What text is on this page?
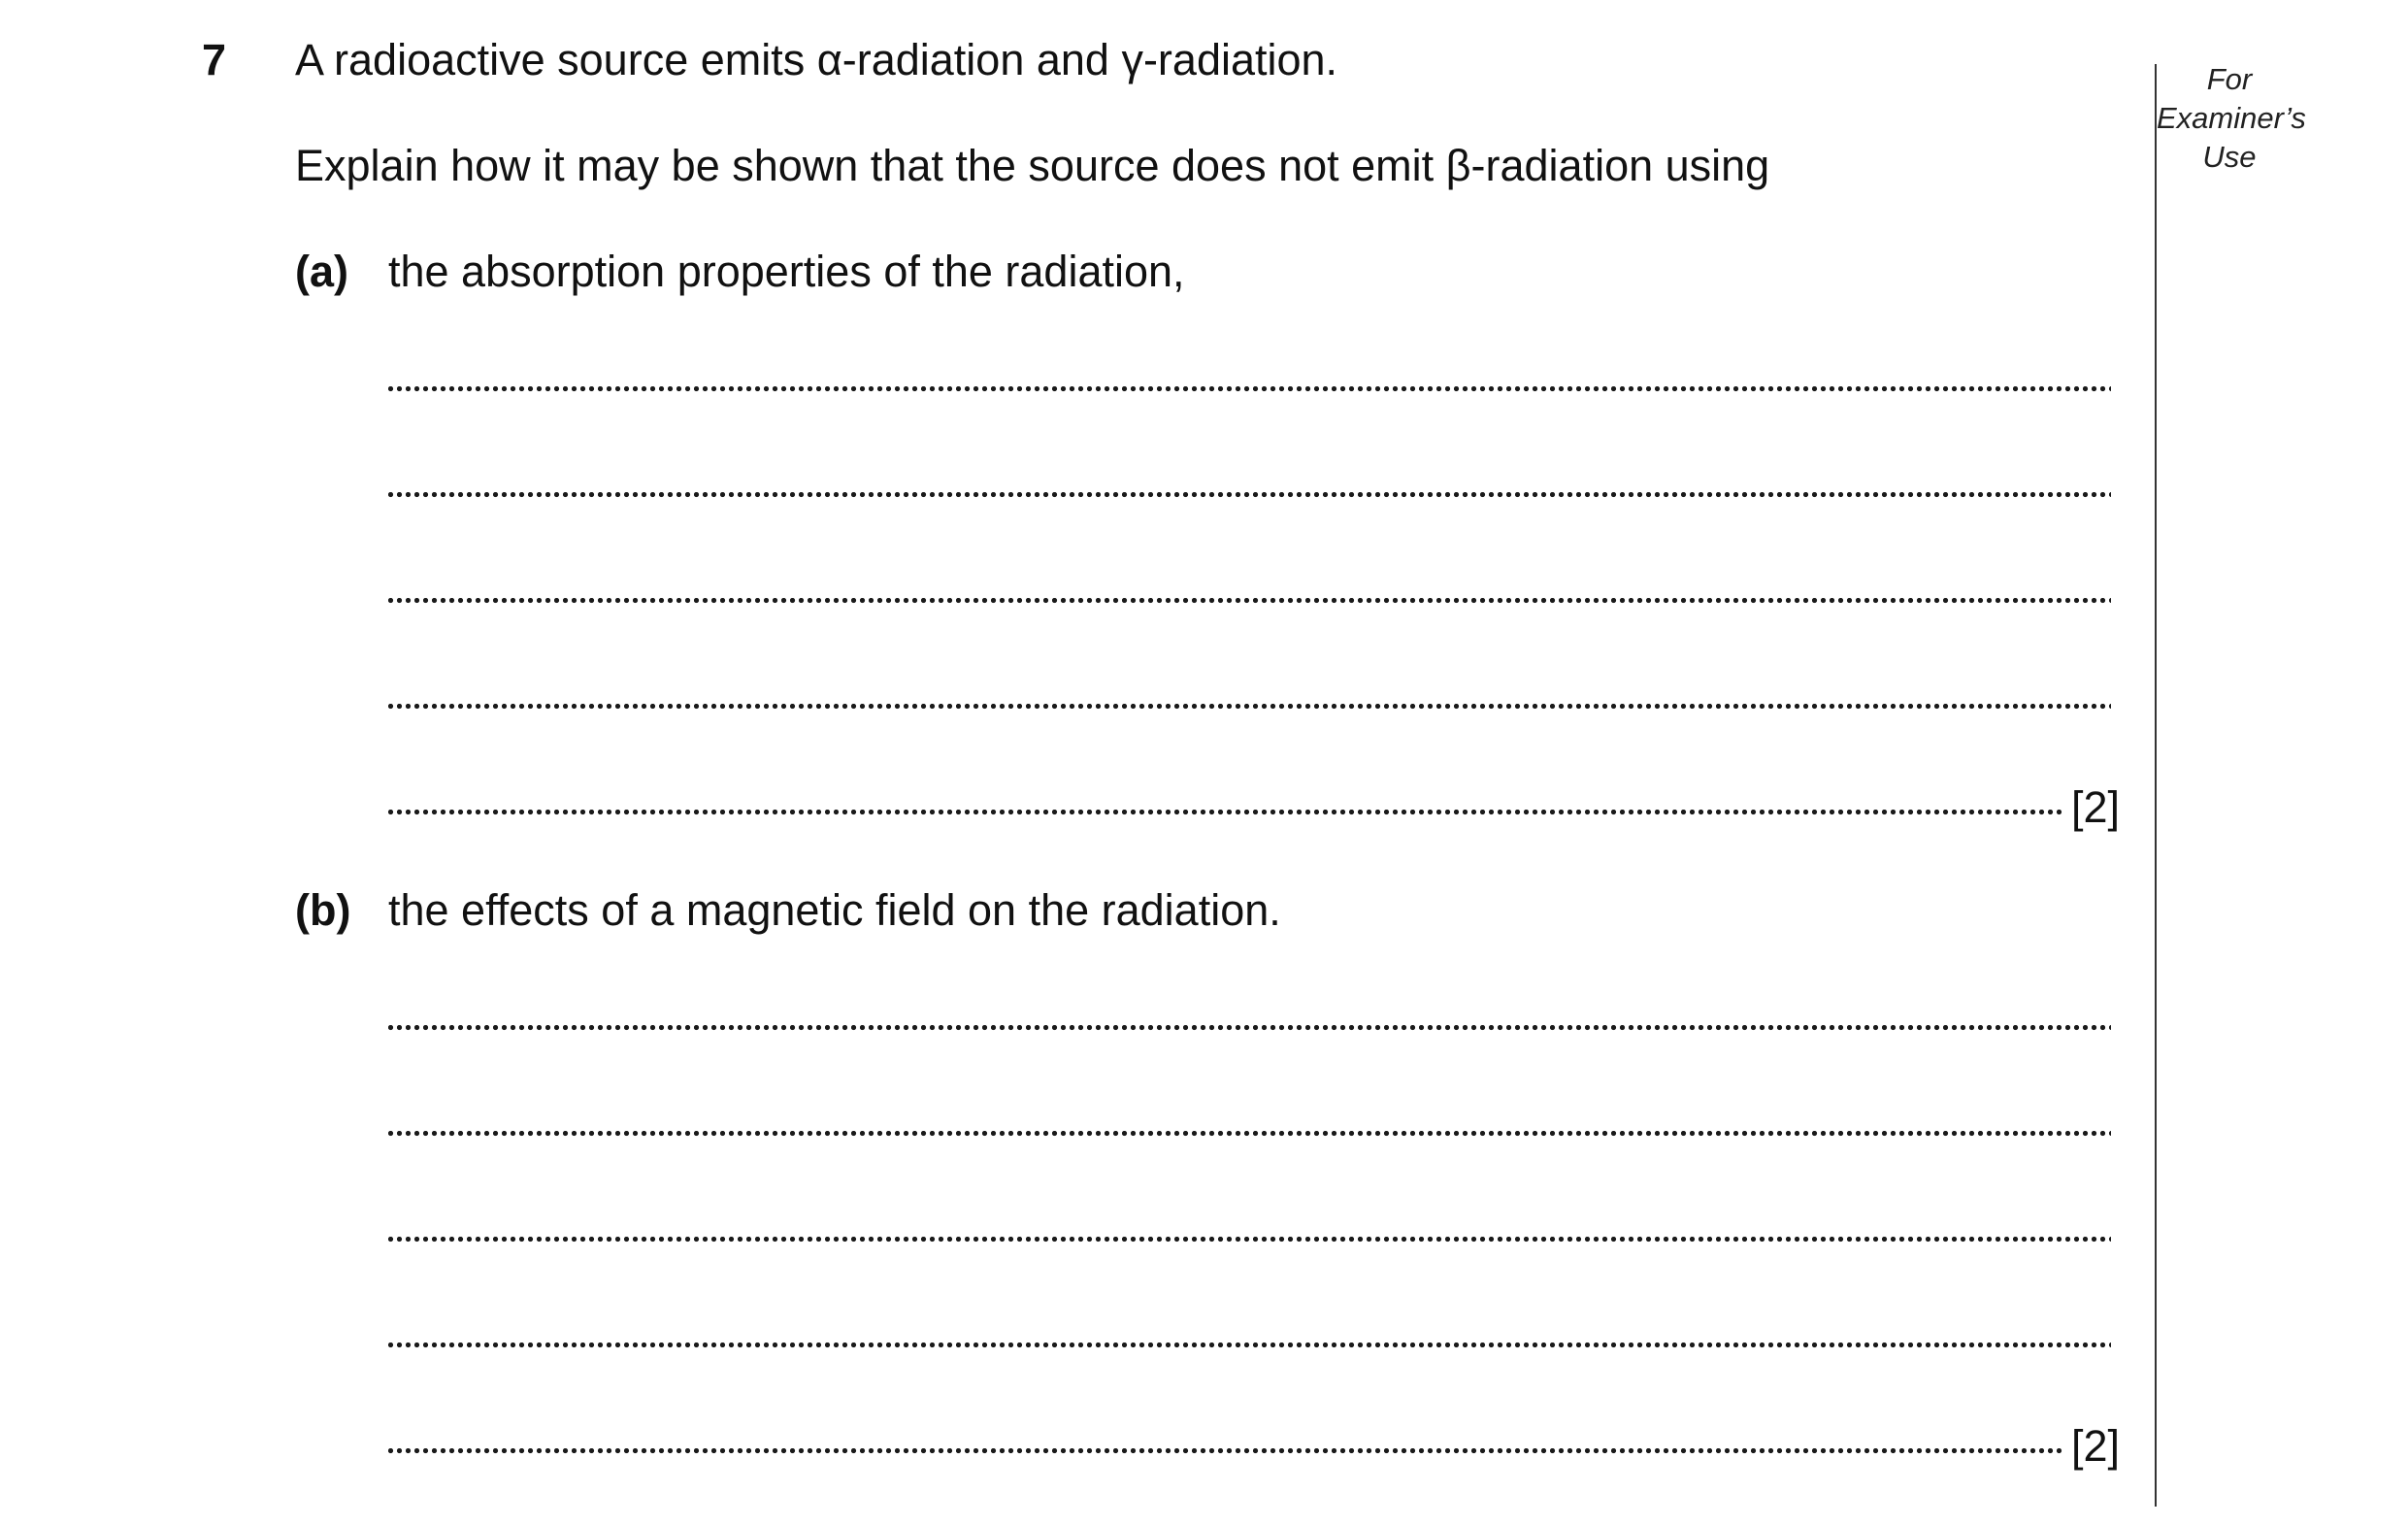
7 A radioactive source emits α-radiation and γ-radiation.
Explain how it may be shown that the source does not emit β-radiation using
(a) the absorption properties of the radiation,
[2]
(b) the effects of a magnetic field on the radiation.
[2]
For
Examiner’s
Use
